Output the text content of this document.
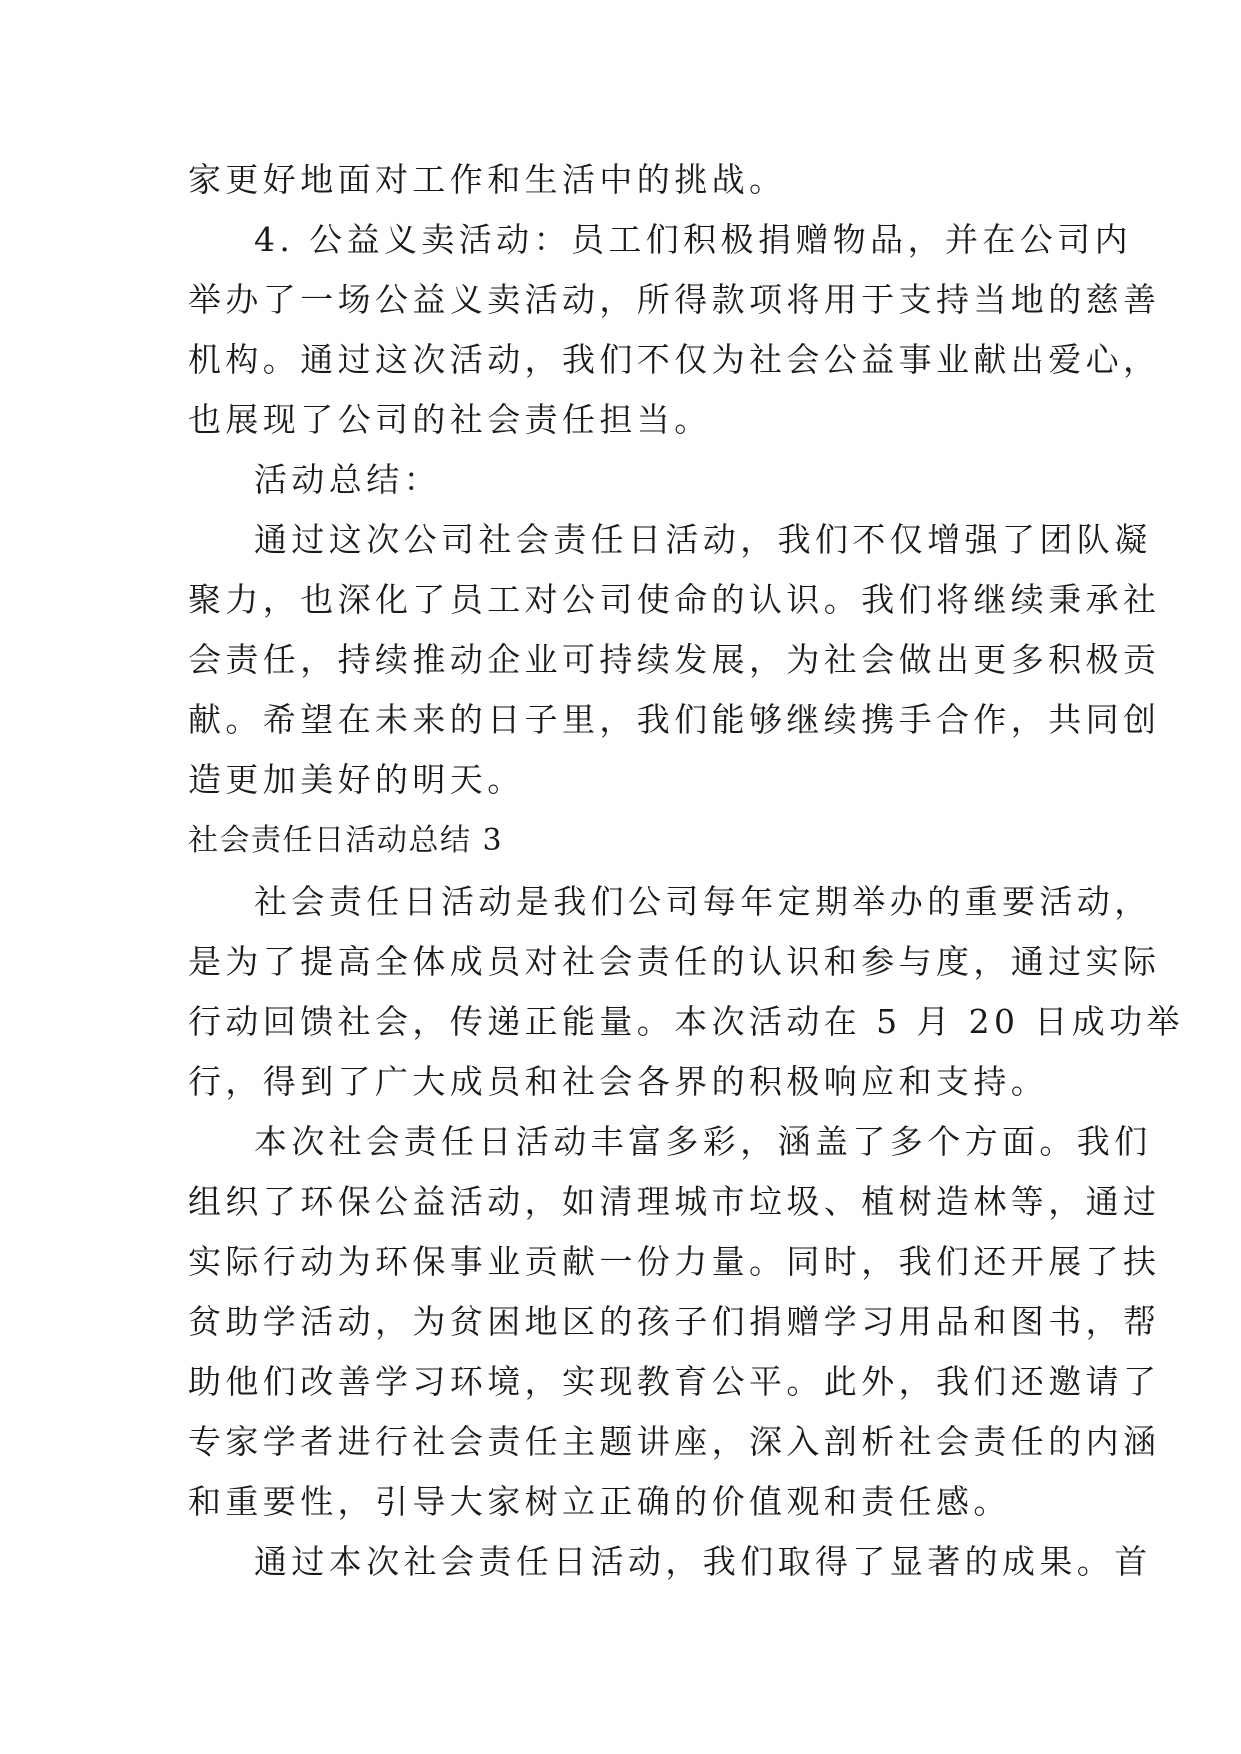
家更好地面对工作和生活中的挑战。
4. 公益义卖活动：员工们积极捐赠物品，并在公司内
举办了一场公益义卖活动，所得款项将用于支持当地的慈善
机构。通过这次活动，我们不仅为社会公益事业献出爱心，
也展现了公司的社会责任担当。
活动总结：
通过这次公司社会责任日活动，我们不仅增强了团队凝
聚力，也深化了员工对公司使命的认识。我们将继续秉承社
会责任，持续推动企业可持续发展，为社会做出更多积极贡
献。希望在未来的日子里，我们能够继续携手合作，共同创
造更加美好的明天。
社会责任日活动总结 3
社会责任日活动是我们公司每年定期举办的重要活动，
是为了提高全体成员对社会责任的认识和参与度，通过实际
行动回馈社会，传递正能量。本次活动在 5 月 20 日成功举
行，得到了广大成员和社会各界的积极响应和支持。
本次社会责任日活动丰富多彩，涵盖了多个方面。我们
组织了环保公益活动，如清理城市垃圾、植树造林等，通过
实际行动为环保事业贡献一份力量。同时，我们还开展了扶
贫助学活动，为贫困地区的孩子们捐赠学习用品和图书，帮
助他们改善学习环境，实现教育公平。此外，我们还邀请了
专家学者进行社会责任主题讲座，深入剖析社会责任的内涵
和重要性，引导大家树立正确的价值观和责任感。
通过本次社会责任日活动，我们取得了显著的成果。首
